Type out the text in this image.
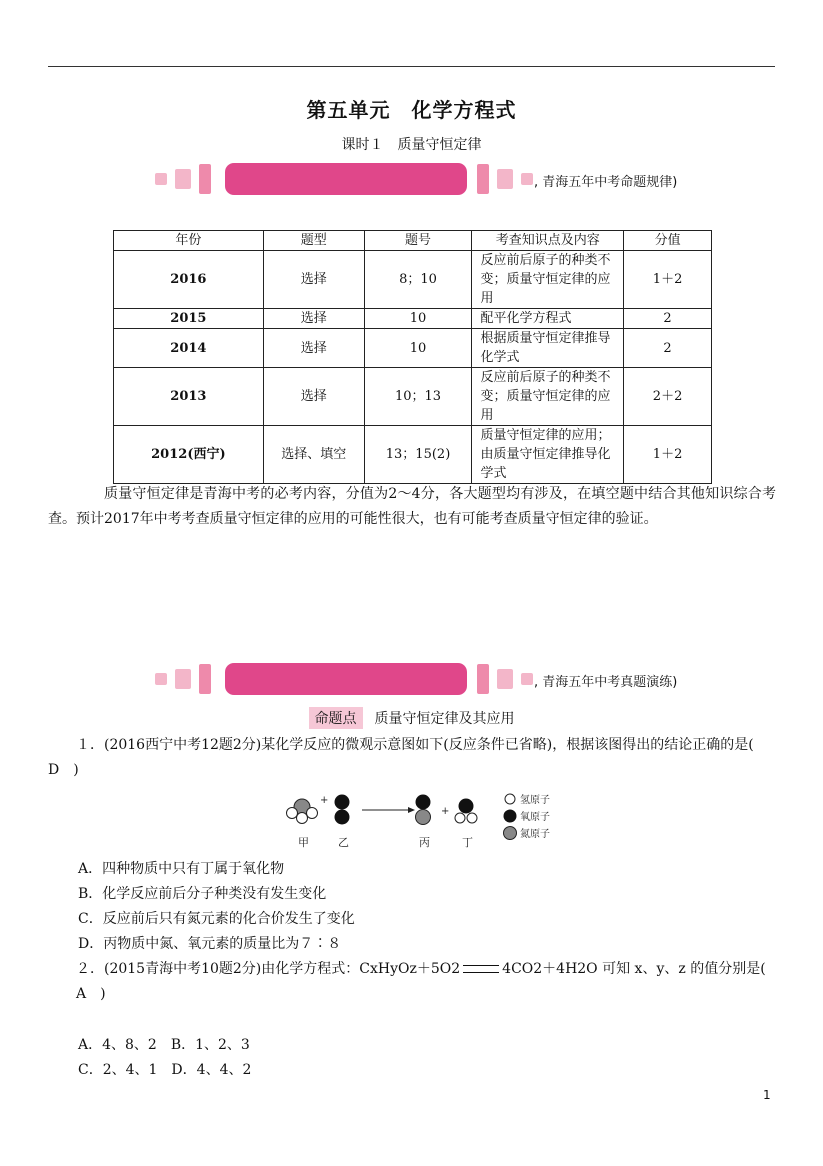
第五单元　化学方程式
课时１　质量守恒定律
, 青海五年中考命题规律)
年份	题型	题号	考查知识点及内容	分值
2016	选择	8；10	反应前后原子的种类不变；质量守恒定律的应用	1＋2
2015	选择	10	配平化学方程式	2
2014	选择	10	根据质量守恒定律推导化学式	2
2013	选择	10；13	反应前后原子的种类不变；质量守恒定律的应用	2＋2
2012(西宁)	选择、填空	13；15(2)	质量守恒定律的应用；由质量守恒定律推导化学式	1＋2
质量守恒定律是青海中考的必考内容，分值为2～4分，各大题型均有涉及，在填空题中结合其他知识综合考查。预计2017年中考考查质量守恒定律的应用的可能性很大，也有可能考查质量守恒定律的验证。
, 青海五年中考真题演练)
命题点 质量守恒定律及其应用
１．(2016西宁中考12题2分)某化学反应的微观示意图如下(反应条件已省略)，根据该图得出的结论正确的是(　D　)
+
+
甲	乙	丙	丁
氢原子
氧原子
氮原子
A．四种物质中只有丁属于氧化物
B．化学反应前后分子种类没有发生变化
C．反应前后只有氮元素的化合价发生了变化
D．丙物质中氮、氧元素的质量比为７∶８
２．(2015青海中考10题2分)由化学方程式：CxHyOz＋5O2	4CO2＋4H2O 可知 x、y、z 的值分别是(　A　)
A．4、8、2　B．1、2、3
C．2、4、1　D．4、4、2
1
